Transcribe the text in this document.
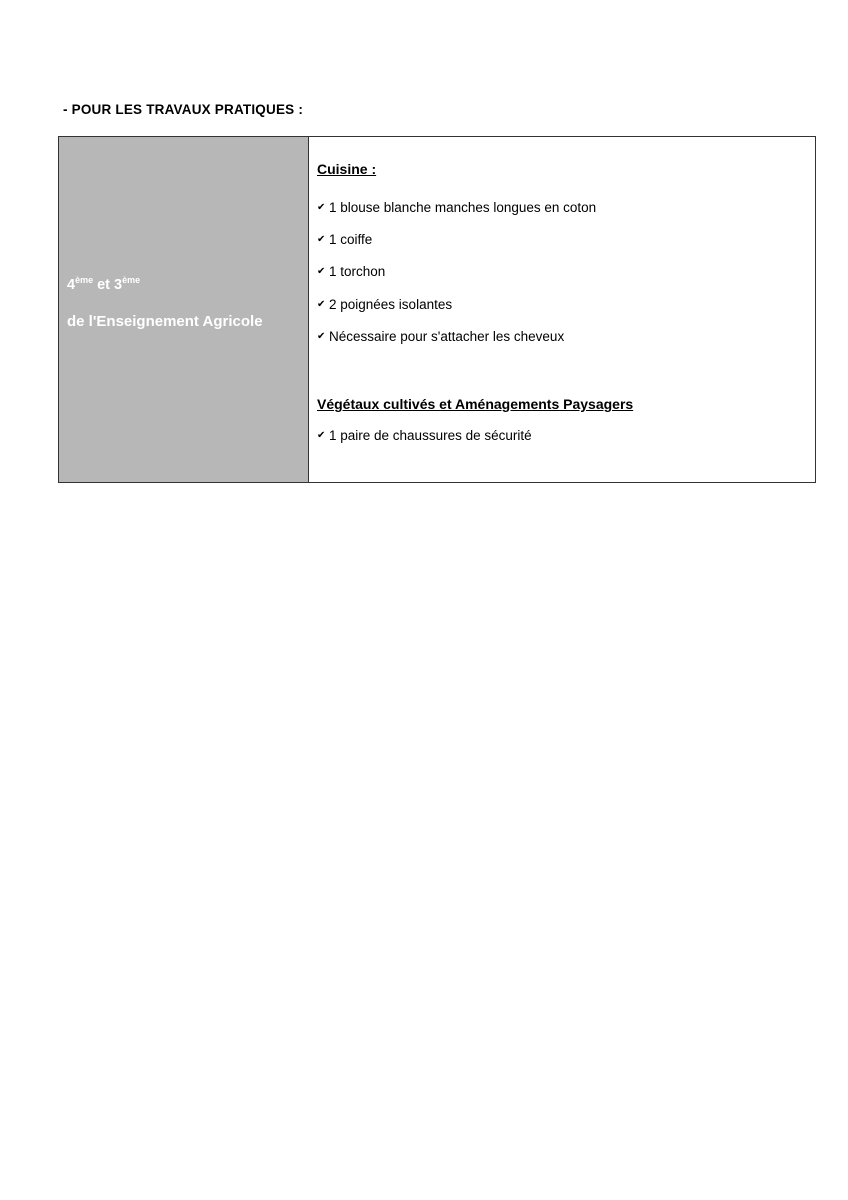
- POUR LES TRAVAUX PRATIQUES :
4ème et 3ème
de l'Enseignement Agricole
Cuisine :
✔ 1 blouse blanche manches longues en coton
✔ 1 coiffe
✔ 1 torchon
✔ 2 poignées isolantes
✔ Nécessaire pour s'attacher les cheveux
Végétaux cultivés et Aménagements Paysagers
✔ 1 paire de chaussures de sécurité
